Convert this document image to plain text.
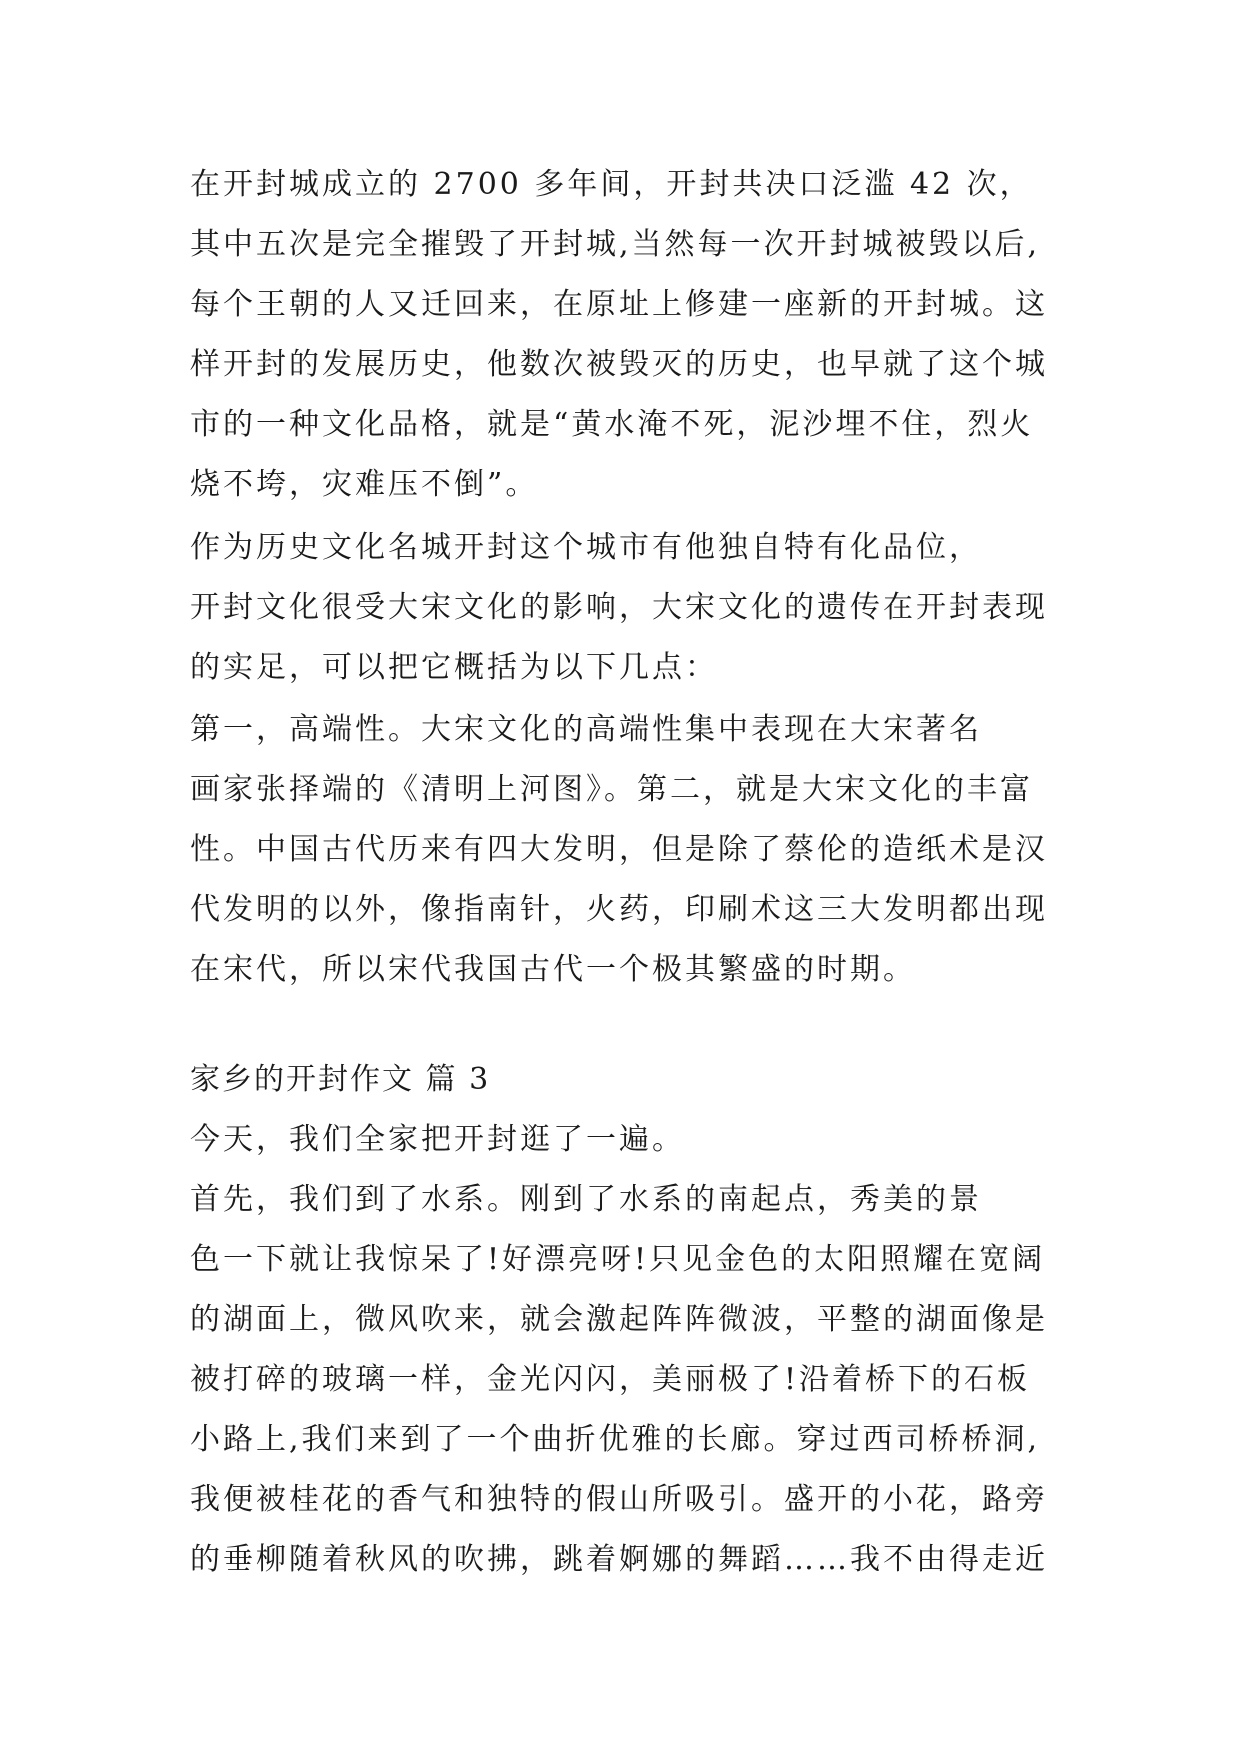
在开封城成立的 2700 多年间，开封共决口泛滥 42 次，
其中五次是完全摧毁了开封城,当然每一次开封城被毁以后,
每个王朝的人又迁回来，在原址上修建一座新的开封城。这
样开封的发展历史，他数次被毁灭的历史，也早就了这个城
市的一种文化品格，就是“黄水淹不死，泥沙埋不住，烈火
烧不垮，灾难压不倒”。
作为历史文化名城开封这个城市有他独自特有化品位，
开封文化很受大宋文化的影响，大宋文化的遗传在开封表现
的实足，可以把它概括为以下几点：
第一，高端性。大宋文化的高端性集中表现在大宋著名
画家张择端的《清明上河图》。第二，就是大宋文化的丰富
性。中国古代历来有四大发明，但是除了蔡伦的造纸术是汉
代发明的以外，像指南针，火药，印刷术这三大发明都出现
在宋代，所以宋代我国古代一个极其繁盛的时期。
家乡的开封作文 篇 3
今天，我们全家把开封逛了一遍。
首先，我们到了水系。刚到了水系的南起点，秀美的景
色一下就让我惊呆了!好漂亮呀!只见金色的太阳照耀在宽阔
的湖面上，微风吹来，就会激起阵阵微波，平整的湖面像是
被打碎的玻璃一样，金光闪闪，美丽极了!沿着桥下的石板
小路上,我们来到了一个曲折优雅的长廊。穿过西司桥桥洞,
我便被桂花的香气和独特的假山所吸引。盛开的小花，路旁
的垂柳随着秋风的吹拂，跳着婀娜的舞蹈……我不由得走近
